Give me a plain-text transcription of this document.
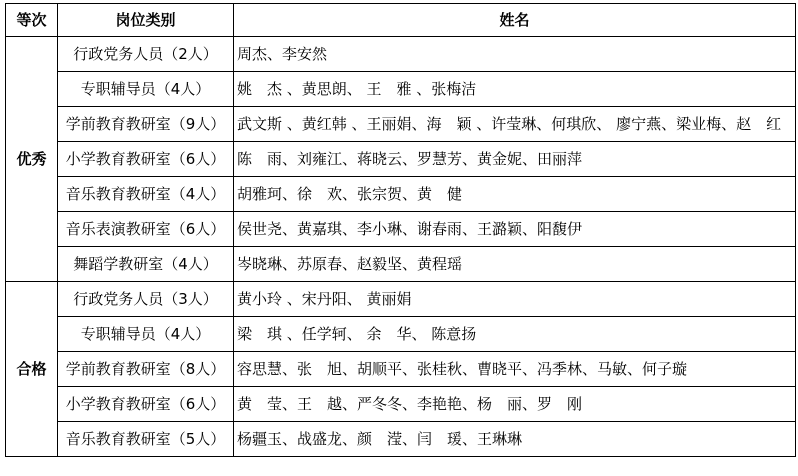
等次	岗位类别	姓名
优秀	行政党务人员（2人）	周杰、李安然
	专职辅导员（4人）	姚　杰 、黄思朗、 王　雅 、张梅洁
	学前教育教研室（9人）	武文斯 、黄红韩 、王丽娟、海　颖 、许莹琳、何琪欣、 廖宁燕、梁业梅、赵　红
	小学教育教研室（6人）	陈　雨、刘雍江、蒋晓云、罗慧芳、黄金妮、田丽萍
	音乐教育教研室（4人）	胡雅珂、徐　欢、张宗贺、黄　健
	音乐表演教研室（6人）	侯世尧、黄嘉琪、李小琳、谢春雨、王潞颖、阳馥伊
	舞蹈学教研室（4人）	岑晓琳、苏原春、赵毅坚、黄程瑶
合格	行政党务人员（3人）	黄小玲 、宋丹阳、 黄丽娟
	专职辅导员（4人）	梁　琪 、任学轲、 余　华、 陈意扬
	学前教育教研室（8人）	容思慧、张　旭、胡顺平、张桂秋、曹晓平、冯季林、马敏、何子璇
	小学教育教研室（6人）	黄　莹、王　越、严冬冬、李艳艳、杨　丽、罗　刚
	音乐教育教研室（5人）	杨疆玉、战盛龙、颜　滢、闫　瑗、王琳琳
